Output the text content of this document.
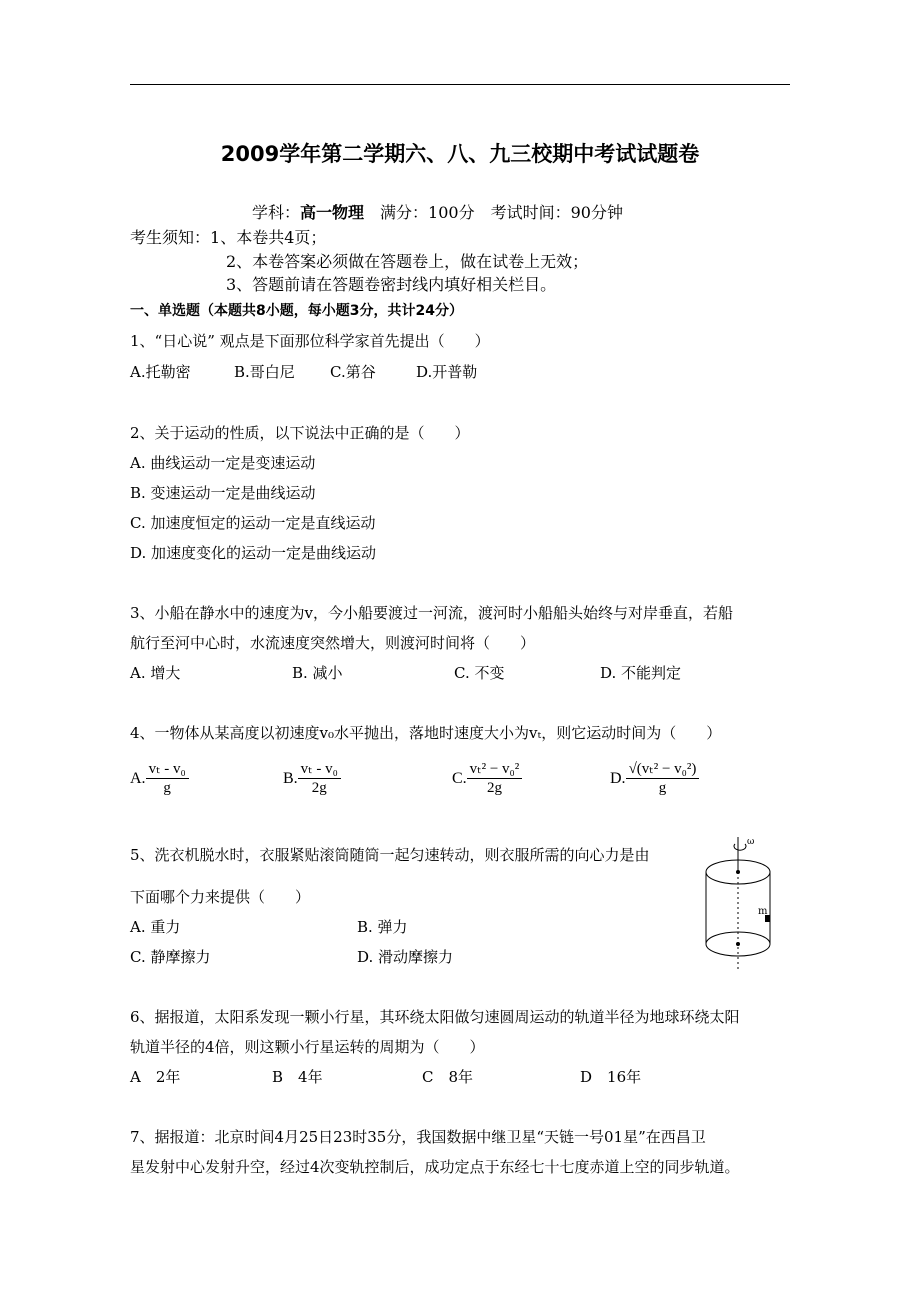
2009学年第二学期六、八、九三校期中考试试题卷
学科：高一物理　 满分：100分　 考试时间：90分钟
考生须知：1、本卷共4页；
2、本卷答案必须做在答题卷上，做在试卷上无效；
3、答题前请在答题卷密封线内填好相关栏目。
一、单选题（本题共8小题，每小题3分，共计24分）
1、“日心说” 观点是下面那位科学家首先提出（　　）
A.托勒密	B.哥白尼 C.第谷	D.开普勒
2、关于运动的性质，以下说法中正确的是（　　）
A. 曲线运动一定是变速运动
B. 变速运动一定是曲线运动
C. 加速度恒定的运动一定是直线运动
D. 加速度变化的运动一定是曲线运动
3、小船在静水中的速度为v，今小船要渡过一河流，渡河时小船船头始终与对岸垂直，若船
航行至河中心时，水流速度突然增大，则渡河时间将（　　）
A. 增大	B. 减小	C. 不变	D. 不能判定
4、一物体从某高度以初速度v₀水平抛出，落地时速度大小为vₜ，则它运动时间为（　　）
A. $\frac{\text{vₜ - v₀}}{g}$	B. $\frac{\text{vₜ - v₀}}{2g}$	C. $\frac{\text{vₜ² − v₀²}}{2g}$	D. $\frac{\text{√(vₜ² − v₀²)}}{g}$
5、洗衣机脱水时，衣服紧贴滚筒随筒一起匀速转动，则衣服所需的向心力是由
下面哪个力来提供（　　）
A. 重力	B. 弹力
C. 静摩擦力	D. 滑动摩擦力
ω
m
6、据报道，太阳系发现一颗小行星，其环绕太阳做匀速圆周运动的轨道半径为地球环绕太阳
轨道半径的4倍，则这颗小行星运转的周期为（　　）
A　2年	B　4年	C　8年	D　16年
7、据报道：北京时间4月25日23时35分，我国数据中继卫星“天链一号01星”在西昌卫
星发射中心发射升空，经过4次变轨控制后，成功定点于东经七十七度赤道上空的同步轨道。
